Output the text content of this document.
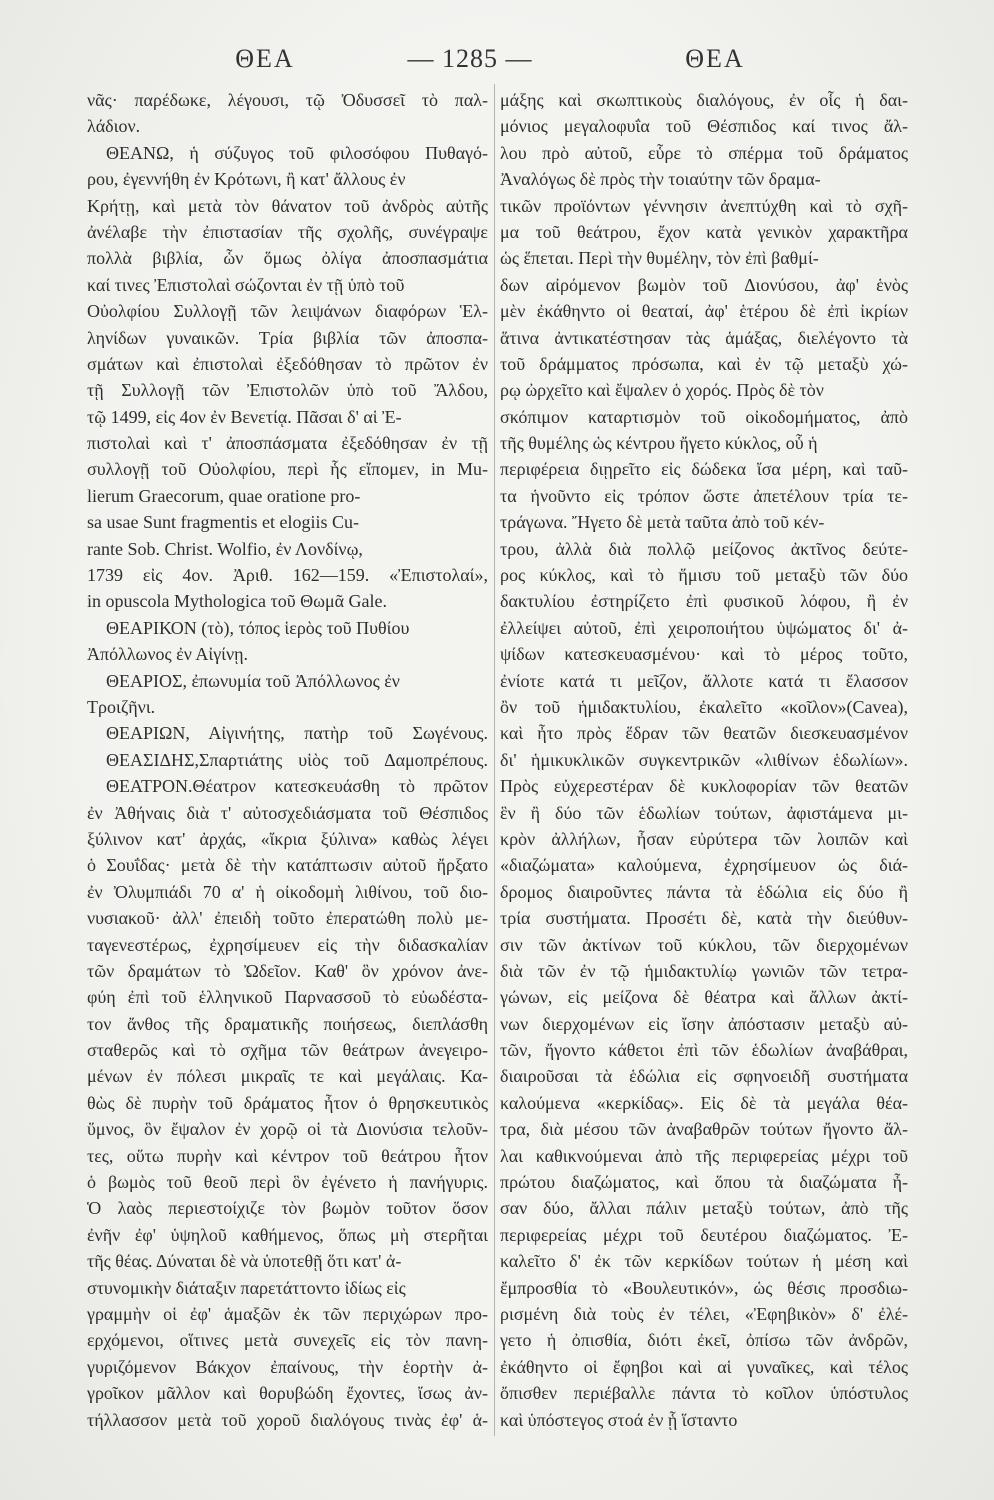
ΘΕΑ	— 1285 —	ΘΕΑ
νᾶς· παρέδωκε, λέγουσι, τῷ Ὀδυσσεῖ τὸ παλ-
λάδιον.
ΘΕΑΝΩ, ἡ σύζυγος τοῦ φιλοσόφου Πυθαγό-
ρου, ἐγεννήθη ἐν Κρότωνι, ἢ κατ' ἄλλους ἐν
Κρήτῃ, καὶ μετὰ τὸν θάνατον τοῦ ἀνδρὸς αὐτῆς
ἀνέλαβε τὴν ἐπιστασίαν τῆς σχολῆς, συνέγραψε
πολλὰ βιβλία, ὧν ὅμως ὀλίγα ἀποσπασμάτια
καί τινες Ἐπιστολαὶ σώζονται ἐν τῇ ὑπὸ τοῦ
Οὐολφίου Συλλογῇ τῶν λειψάνων διαφόρων Ἑλ-
ληνίδων γυναικῶν. Τρία βιβλία τῶν ἀποσπα-
σμάτων καὶ ἐπιστολαὶ ἐξεδόθησαν τὸ πρῶτον ἐν
τῇ Συλλογῇ τῶν Ἐπιστολῶν ὑπὸ τοῦ Ἄλδου,
τῷ 1499, εἰς 4ον ἐν Βενετίᾳ. Πᾶσαι δ' αἱ Ἐ-
πιστολαὶ καὶ τ' ἀποσπάσματα ἐξεδόθησαν ἐν τῇ
συλλογῇ τοῦ Οὐολφίου, περὶ ἧς εἴπομεν, in Mu-
lierum Graecorum, quae oratione pro-
sa usae Sunt fragmentis et elogiis Cu-
rante Sob. Christ. Wolfio, ἐν Λονδίνῳ,
1739 εἰς 4ον. Ἀριθ. 162—159. «Ἐπιστολαί»,
in opuscola Mythologica τοῦ Θωμᾶ Gale.
ΘΕΑΡΙΚΟΝ (τὸ), τόπος ἱερὸς τοῦ Πυθίου
Ἀπόλλωνος ἐν Αἰγίνῃ.
ΘΕΑΡΙΟΣ, ἐπωνυμία τοῦ Ἀπόλλωνος ἐν
Τροιζῆνι.
ΘΕΑΡΙΩΝ, Αἰγινήτης, πατὴρ τοῦ Σωγένους.
ΘΕΑΣΙΔΗΣ,Σπαρτιάτης υἱὸς τοῦ Δαμοπρέπους.
ΘΕΑΤΡΟΝ.Θέατρον κατεσκευάσθη τὸ πρῶτον
ἐν Ἀθήναις διὰ τ' αὐτοσχεδιάσματα τοῦ Θέσπιδος
ξύλινον κατ' ἀρχάς, «ἴκρια ξύλινα» καθὼς λέγει
ὁ Σουΐδας· μετὰ δὲ τὴν κατάπτωσιν αὐτοῦ ἤρξατο
ἐν Ὀλυμπιάδι 70 α' ἡ οἰκοδομὴ λιθίνου, τοῦ διο-
νυσιακοῦ· ἀλλ' ἐπειδὴ τοῦτο ἐπερατώθη πολὺ με-
ταγενεστέρως, ἐχρησίμευεν εἰς τὴν διδασκαλίαν
τῶν δραμάτων τὸ Ὠδεῖον. Καθ' ὃν χρόνον ἀνε-
φύη ἐπὶ τοῦ ἑλληνικοῦ Παρνασσοῦ τὸ εὐωδέστα-
τον ἄνθος τῆς δραματικῆς ποιήσεως, διεπλάσθη
σταθερῶς καὶ τὸ σχῆμα τῶν θεάτρων ἀνεγειρο-
μένων ἐν πόλεσι μικραῖς τε καὶ μεγάλαις. Κα-
θὼς δὲ πυρὴν τοῦ δράματος ἦτον ὁ θρησκευτικὸς
ὕμνος, ὃν ἔψαλον ἐν χορῷ οἱ τὰ Διονύσια τελοῦν-
τες, οὕτω πυρὴν καὶ κέντρον τοῦ θεάτρου ἦτον
ὁ βωμὸς τοῦ θεοῦ περὶ ὃν ἐγένετο ἡ πανήγυρις.
Ὁ λαὸς περιεστοίχιζε τὸν βωμὸν τοῦτον ὅσον
ἐνῆν ἐφ' ὑψηλοῦ καθήμενος, ὅπως μὴ στερῆται
τῆς θέας. Δύναται δὲ νὰ ὑποτεθῇ ὅτι κατ' ἀ-
στυνομικὴν διάταξιν παρετάττοντο ἰδίως εἰς
γραμμὴν οἱ ἐφ' ἁμαξῶν ἐκ τῶν περιχώρων προ-
ερχόμενοι, οἵτινες μετὰ συνεχεῖς εἰς τὸν πανη-
γυριζόμενον Βάκχον ἐπαίνους, τὴν ἑορτὴν ἀ-
γροῖκον μᾶλλον καὶ θορυβώδη ἔχοντες, ἴσως ἀν-
τήλλασσον μετὰ τοῦ χοροῦ διαλόγους τινὰς ἐφ' ἁ-
μάξης καὶ σκωπτικοὺς διαλόγους, ἐν οἷς ἡ δαι-
μόνιος μεγαλοφυΐα τοῦ Θέσπιδος καί τινος ἄλ-
λου πρὸ αὐτοῦ, εὗρε τὸ σπέρμα τοῦ δράματος
Ἀναλόγως δὲ πρὸς τὴν τοιαύτην τῶν δραμα-
τικῶν προϊόντων γέννησιν ἀνεπτύχθη καὶ τὸ σχῆ-
μα τοῦ θεάτρου, ἔχον κατὰ γενικὸν χαρακτῆρα
ὡς ἕπεται. Περὶ τὴν θυμέλην, τὸν ἐπὶ βαθμί-
δων αἰρόμενον βωμὸν τοῦ Διονύσου, ἀφ' ἑνὸς
μὲν ἐκάθηντο οἱ θεαταί, ἀφ' ἑτέρου δὲ ἐπὶ ἰκρίων
ἅτινα ἀντικατέστησαν τὰς ἁμάξας, διελέγοντο τὰ
τοῦ δράμματος πρόσωπα, καὶ ἐν τῷ μεταξὺ χώ-
ρῳ ὠρχεῖτο καὶ ἔψαλεν ὁ χορός. Πρὸς δὲ τὸν
σκόπιμον καταρτισμὸν τοῦ οἰκοδομήματος, ἀπὸ
τῆς θυμέλης ὡς κέντρου ἤγετο κύκλος, οὗ ἡ
περιφέρεια διῃρεῖτο εἰς δώδεκα ἴσα μέρη, καὶ ταῦ-
τα ἡνοῦντο εἰς τρόπον ὥστε ἀπετέλουν τρία τε-
τράγωνα. Ἤγετο δὲ μετὰ ταῦτα ἀπὸ τοῦ κέν-
τρου, ἀλλὰ διὰ πολλῷ μείζονος ἀκτῖνος δεύτε-
ρος κύκλος, καὶ τὸ ἥμισυ τοῦ μεταξὺ τῶν δύο
δακτυλίου ἐστηρίζετο ἐπὶ φυσικοῦ λόφου, ἢ ἐν
ἐλλείψει αὐτοῦ, ἐπὶ χειροποιήτου ὑψώματος δι' ἀ-
ψίδων κατεσκευασμένου· καὶ τὸ μέρος τοῦτο,
ἐνίοτε κατά τι μεῖζον, ἄλλοτε κατά τι ἔλασσον
ὂν τοῦ ἡμιδακτυλίου, ἐκαλεῖτο «κοῖλον»(Cavea),
καὶ ἦτο πρὸς ἕδραν τῶν θεατῶν διεσκευασμένον
δι' ἡμικυκλικῶν συγκεντρικῶν «λιθίνων ἑδωλίων».
Πρὸς εὐχερεστέραν δὲ κυκλοφορίαν τῶν θεατῶν
ἓν ἢ δύο τῶν ἑδωλίων τούτων, ἀφιστάμενα μι-
κρὸν ἀλλήλων, ἦσαν εὐρύτερα τῶν λοιπῶν καὶ
«διαζώματα» καλούμενα, ἐχρησίμευον ὡς διά-
δρομος διαιροῦντες πάντα τὰ ἑδώλια εἰς δύο ἢ
τρία συστήματα. Προσέτι δὲ, κατὰ τὴν διεύθυν-
σιν τῶν ἀκτίνων τοῦ κύκλου, τῶν διερχομένων
διὰ τῶν ἐν τῷ ἡμιδακτυλίῳ γωνιῶν τῶν τετρα-
γώνων, εἰς μείζονα δὲ θέατρα καὶ ἄλλων ἀκτί-
νων διερχομένων εἰς ἴσην ἀπόστασιν μεταξὺ αὐ-
τῶν, ἤγοντο κάθετοι ἐπὶ τῶν ἑδωλίων ἀναβάθραι,
διαιροῦσαι τὰ ἑδώλια εἰς σφηνοειδῆ συστήματα
καλούμενα «κερκίδας». Εἰς δὲ τὰ μεγάλα θέα-
τρα, διὰ μέσου τῶν ἀναβαθρῶν τούτων ἤγοντο ἄλ-
λαι καθικνούμεναι ἀπὸ τῆς περιφερείας μέχρι τοῦ
πρώτου διαζώματος, καὶ ὅπου τὰ διαζώματα ἦ-
σαν δύο, ἄλλαι πάλιν μεταξὺ τούτων, ἀπὸ τῆς
περιφερείας μέχρι τοῦ δευτέρου διαζώματος. Ἐ-
καλεῖτο δ' ἐκ τῶν κερκίδων τούτων ἡ μέση καὶ
ἔμπροσθία τὸ «Βουλευτικόν», ὡς θέσις προσδιω-
ρισμένη διὰ τοὺς ἐν τέλει, «Ἐφηβικὸν» δ' ἐλέ-
γετο ἡ ὀπισθία, διότι ἐκεῖ, ὀπίσω τῶν ἀνδρῶν,
ἐκάθηντο οἱ ἔφηβοι καὶ αἱ γυναῖκες, καὶ τέλος
ὄπισθεν περιέβαλλε πάντα τὸ κοῖλον ὑπόστυλος
καὶ ὑπόστεγος στοά ἐν ᾗ ἵσταντο
